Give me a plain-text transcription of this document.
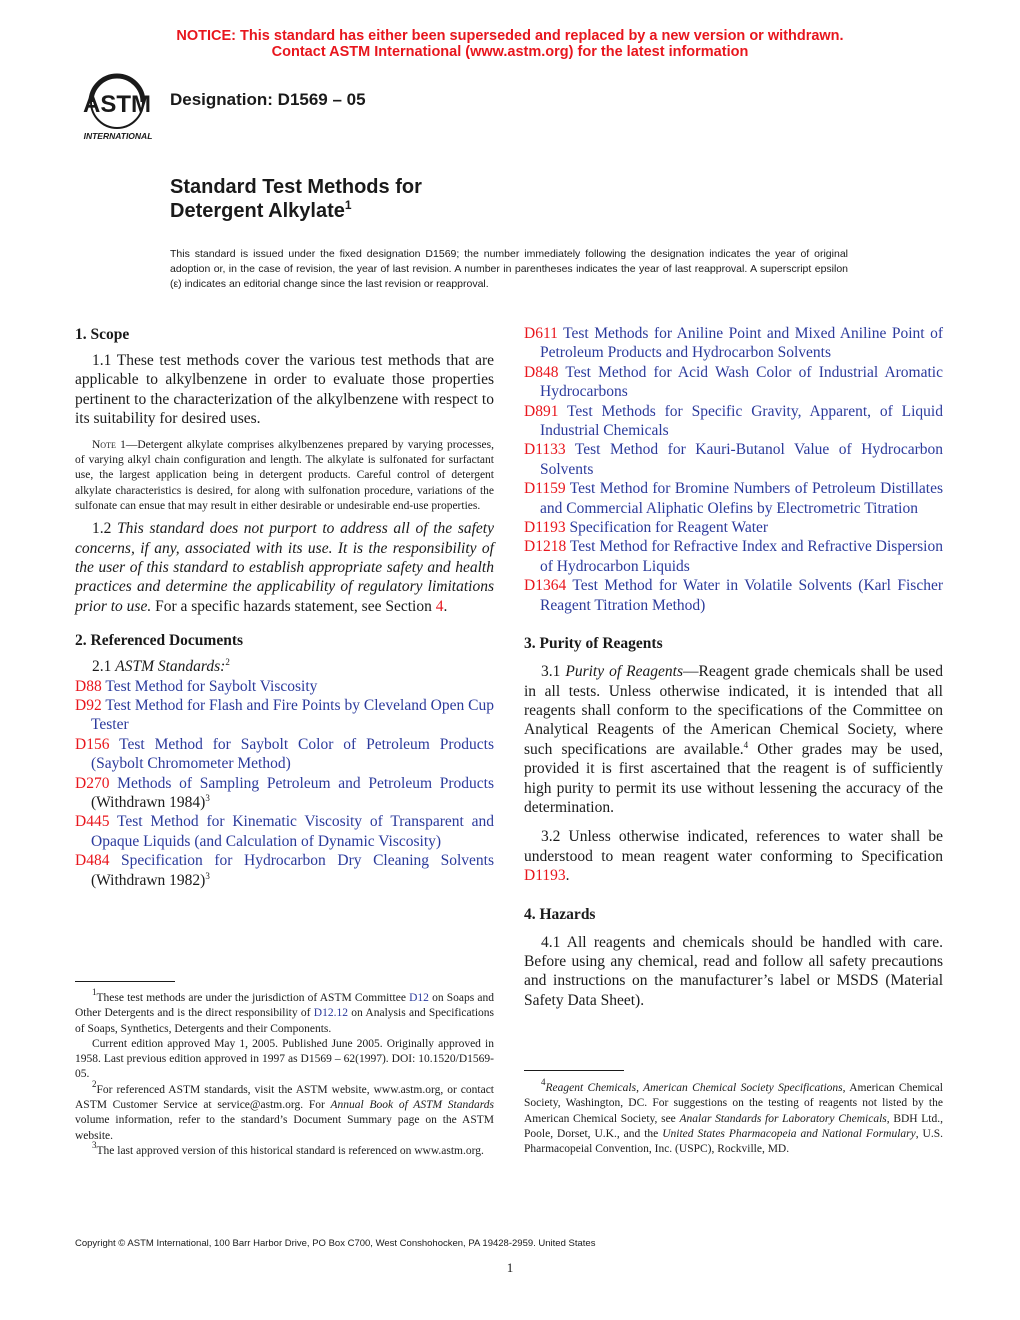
NOTICE: This standard has either been superseded and replaced by a new version or withdrawn.
Contact ASTM International (www.astm.org) for the latest information
ASTM
INTERNATIONAL
Designation: D1569 – 05
Standard Test Methods for
Detergent Alkylate$^1$
This standard is issued under the fixed designation D1569; the number immediately following the designation indicates the year of original adoption or, in the case of revision, the year of last revision. A number in parentheses indicates the year of last reapproval. A superscript epsilon (ε) indicates an editorial change since the last revision or reapproval.
1. Scope

1.1 These test methods cover the various test methods that are applicable to alkylbenzene in order to evaluate those properties pertinent to the characterization of the alkylbenzene with respect to its suitability for desired uses.

Note 1—Detergent alkylate comprises alkylbenzenes prepared by varying processes, of varying alkyl chain configuration and length. The alkylate is sulfonated for surfactant use, the largest application being in detergent products. Careful control of detergent alkylate characteristics is desired, for along with sulfonation procedure, variations of the sulfonate can ensue that may result in either desirable or undesirable end-use properties.

1.2 This standard does not purport to address all of the safety concerns, if any, associated with its use. It is the responsibility of the user of this standard to establish appropriate safety and health practices and determine the applicability of regulatory limitations prior to use. For a specific hazards statement, see Section 4.

2. Referenced Documents

2.1 ASTM Standards:$^2$

D88 Test Method for Saybolt Viscosity
D92 Test Method for Flash and Fire Points by Cleveland Open Cup Tester
D156 Test Method for Saybolt Color of Petroleum Products (Saybolt Chromometer Method)
D270 Methods of Sampling Petroleum and Petroleum Products (Withdrawn 1984)$^3$
D445 Test Method for Kinematic Viscosity of Transparent and Opaque Liquids (and Calculation of Dynamic Viscosity)
D484 Specification for Hydrocarbon Dry Cleaning Solvents (Withdrawn 1982)$^3$

$^1$These test methods are under the jurisdiction of ASTM Committee D12 on Soaps and Other Detergents and is the direct responsibility of D12.12 on Analysis and Specifications of Soaps, Synthetics, Detergents and their Components.

Current edition approved May 1, 2005. Published June 2005. Originally approved in 1958. Last previous edition approved in 1997 as D1569 – 62(1997). DOI: 10.1520/D1569-05.

$^2$For referenced ASTM standards, visit the ASTM website, www.astm.org, or contact ASTM Customer Service at service@astm.org. For Annual Book of ASTM Standards volume information, refer to the standard’s Document Summary page on the ASTM website.

$^3$The last approved version of this historical standard is referenced on www.astm.org.

D611 Test Methods for Aniline Point and Mixed Aniline Point of Petroleum Products and Hydrocarbon Solvents
D848 Test Method for Acid Wash Color of Industrial Aromatic Hydrocarbons
D891 Test Methods for Specific Gravity, Apparent, of Liquid Industrial Chemicals
D1133 Test Method for Kauri-Butanol Value of Hydrocarbon Solvents
D1159 Test Method for Bromine Numbers of Petroleum Distillates and Commercial Aliphatic Olefins by Electrometric Titration
D1193 Specification for Reagent Water
D1218 Test Method for Refractive Index and Refractive Dispersion of Hydrocarbon Liquids
D1364 Test Method for Water in Volatile Solvents (Karl Fischer Reagent Titration Method)
3. Purity of Reagents

3.1 Purity of Reagents—Reagent grade chemicals shall be used in all tests. Unless otherwise indicated, it is intended that all reagents shall conform to the specifications of the Committee on Analytical Reagents of the American Chemical Society, where such specifications are available.$^4$ Other grades may be used, provided it is first ascertained that the reagent is of sufficiently high purity to permit its use without lessening the accuracy of the determination.

3.2 Unless otherwise indicated, references to water shall be understood to mean reagent water conforming to Specification D1193.

4. Hazards

4.1 All reagents and chemicals should be handled with care. Before using any chemical, read and follow all safety precautions and instructions on the manufacturer’s label or MSDS (Material Safety Data Sheet).

$^4$Reagent Chemicals, American Chemical Society Specifications, American Chemical Society, Washington, DC. For suggestions on the testing of reagents not listed by the American Chemical Society, see Analar Standards for Laboratory Chemicals, BDH Ltd., Poole, Dorset, U.K., and the United States Pharmacopeia and National Formulary, U.S. Pharmacopeial Convention, Inc. (USPC), Rockville, MD.

Copyright © ASTM International, 100 Barr Harbor Drive, PO Box C700, West Conshohocken, PA 19428-2959. United States
1
